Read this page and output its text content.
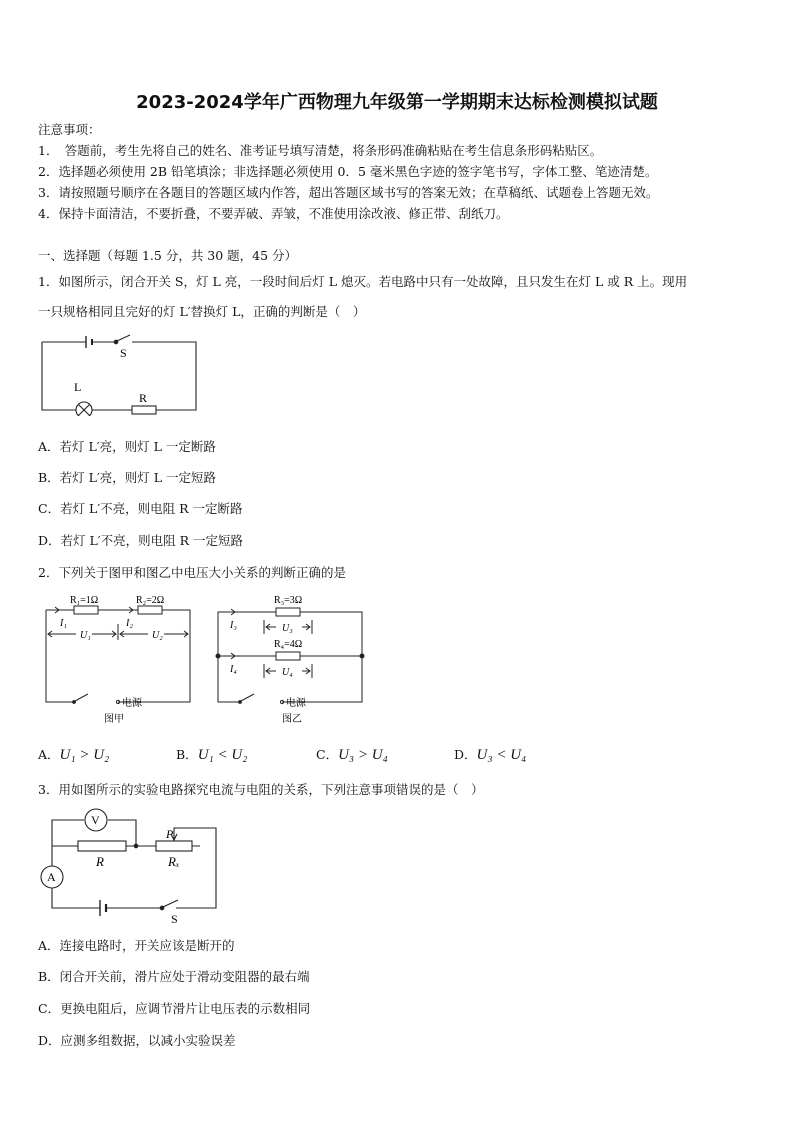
2023-2024学年广西物理九年级第一学期期末达标检测模拟试题
注意事项：
1．　答题前，考生先将自己的姓名、准考证号填写清楚，将条形码准确粘贴在考生信息条形码粘贴区。
2．选择题必须使用 2B 铅笔填涂；非选择题必须使用 0．5 毫米黑色字迹的签字笔书写，字体工整、笔迹清楚。
3．请按照题号顺序在各题目的答题区域内作答，超出答题区域书写的答案无效；在草稿纸、试题卷上答题无效。
4．保持卡面清洁，不要折叠，不要弄破、弄皱，不准使用涂改液、修正带、刮纸刀。
一、选择题（每题 1.5 分，共 30 题，45 分）
1．如图所示，闭合开关 S，灯 L 亮，一段时间后灯 L 熄灭。若电路中只有一处故障，且只发生在灯 L 或 R 上。现用
一只规格相同且完好的灯 L′替换灯 L，正确的判断是（　）
S
L
R
A．若灯 L′亮，则灯 L 一定断路
B．若灯 L′亮，则灯 L 一定短路
C．若灯 L′不亮，则电阻 R 一定断路
D．若灯 L′不亮，则电阻 R 一定短路
2．下列关于图甲和图乙中电压大小关系的判断正确的是
R₁=1Ω	R₂=2Ω
I₁	I₂
U₁	U₂
电源
图甲
R₃=3Ω
R₄=4Ω
I₃
I₄
U₃
U₄
电源
图乙
A．U₁ > U₂	B．U₁ < U₂	C．U₃ > U₄	D．U₃ < U₄
3．用如图所示的实验电路探究电流与电阻的关系，下列注意事项错误的是（　）
V
A
R
P
Rₓ
S
A．连接电路时，开关应该是断开的
B．闭合开关前，滑片应处于滑动变阻器的最右端
C．更换电阻后，应调节滑片让电压表的示数相同
D．应测多组数据，以减小实验误差
